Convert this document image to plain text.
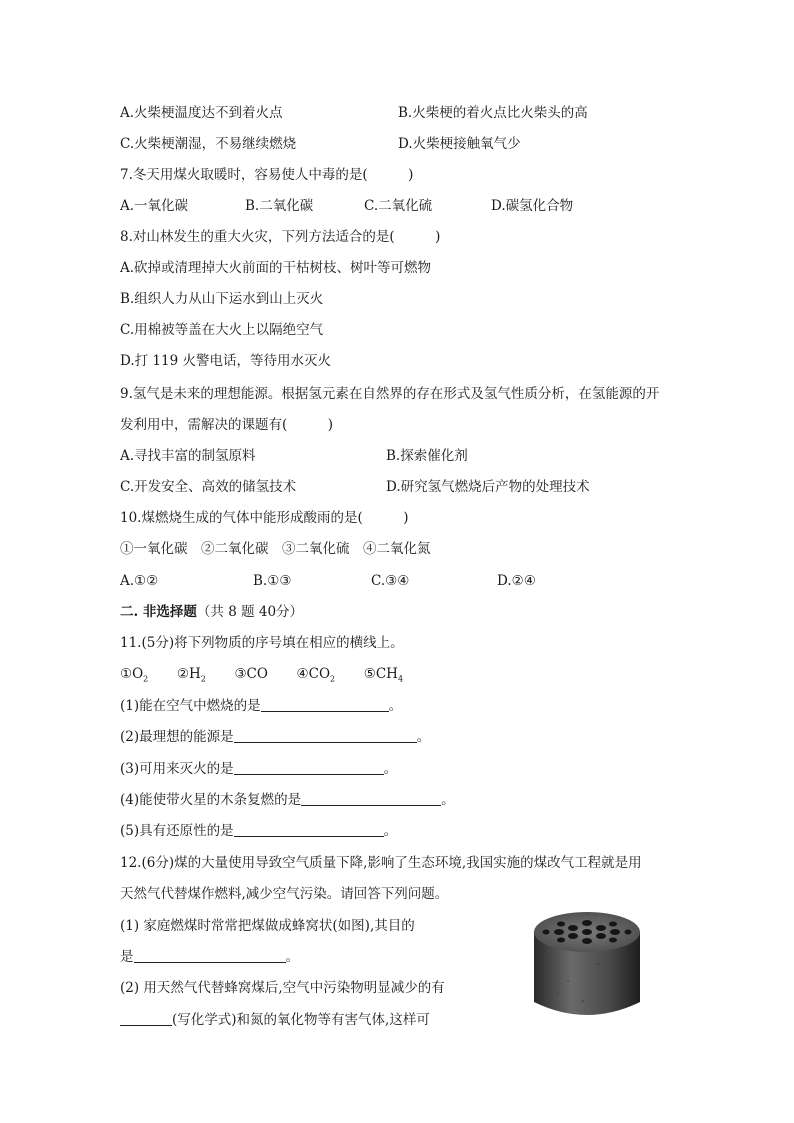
A.火柴梗温度达不到着火点	B.火柴梗的着火点比火柴头的高
C.火柴梗潮湿，不易继续燃烧	D.火柴梗接触氧气少
7.冬天用煤火取暖时，容易使人中毒的是(　　　)
A.一氧化碳	B.二氧化碳	C.二氧化硫	D.碳氢化合物
8.对山林发生的重大火灾，下列方法适合的是(　　　)
A.砍掉或清理掉大火前面的干枯树枝、树叶等可燃物
B.组织人力从山下运水到山上灭火
C.用棉被等盖在大火上以隔绝空气
D.打 119 火警电话，等待用水灭火
9.氢气是未来的理想能源。根据氢元素在自然界的存在形式及氢气性质分析，在氢能源的开
发利用中，需解决的课题有(　　　)
A.寻找丰富的制氢原料	B.探索催化剂
C.开发安全、高效的储氢技术	D.研究氢气燃烧后产物的处理技术
10.煤燃烧生成的气体中能形成酸雨的是(　　　)
①一氧化碳　②二氧化碳　③二氧化硫　④二氧化氮
A.①②	B.①③	C.③④	D.②④
二. 非选择题（共 8 题 40分）
11.(5分)将下列物质的序号填在相应的横线上。
$①O_2$ $②H_2$ ③CO $④CO_2$ $⑤CH_4$
(1)能在空气中燃烧的是	。
(2)最理想的能源是	。
(3)可用来灭火的是	。
(4)能使带火星的木条复燃的是	。
(5)具有还原性的是	。
12.(6分)煤的大量使用导致空气质量下降,影响了生态环境,我国实施的煤改气工程就是用
天然气代替煤作燃料,减少空气污染。请回答下列问题。
(1) 家庭燃煤时常常把煤做成蜂窝状(如图),其目的
是	。
(2) 用天然气代替蜂窝煤后,空气中污染物明显减少的有
(写化学式)和氮的氧化物等有害气体,这样可
